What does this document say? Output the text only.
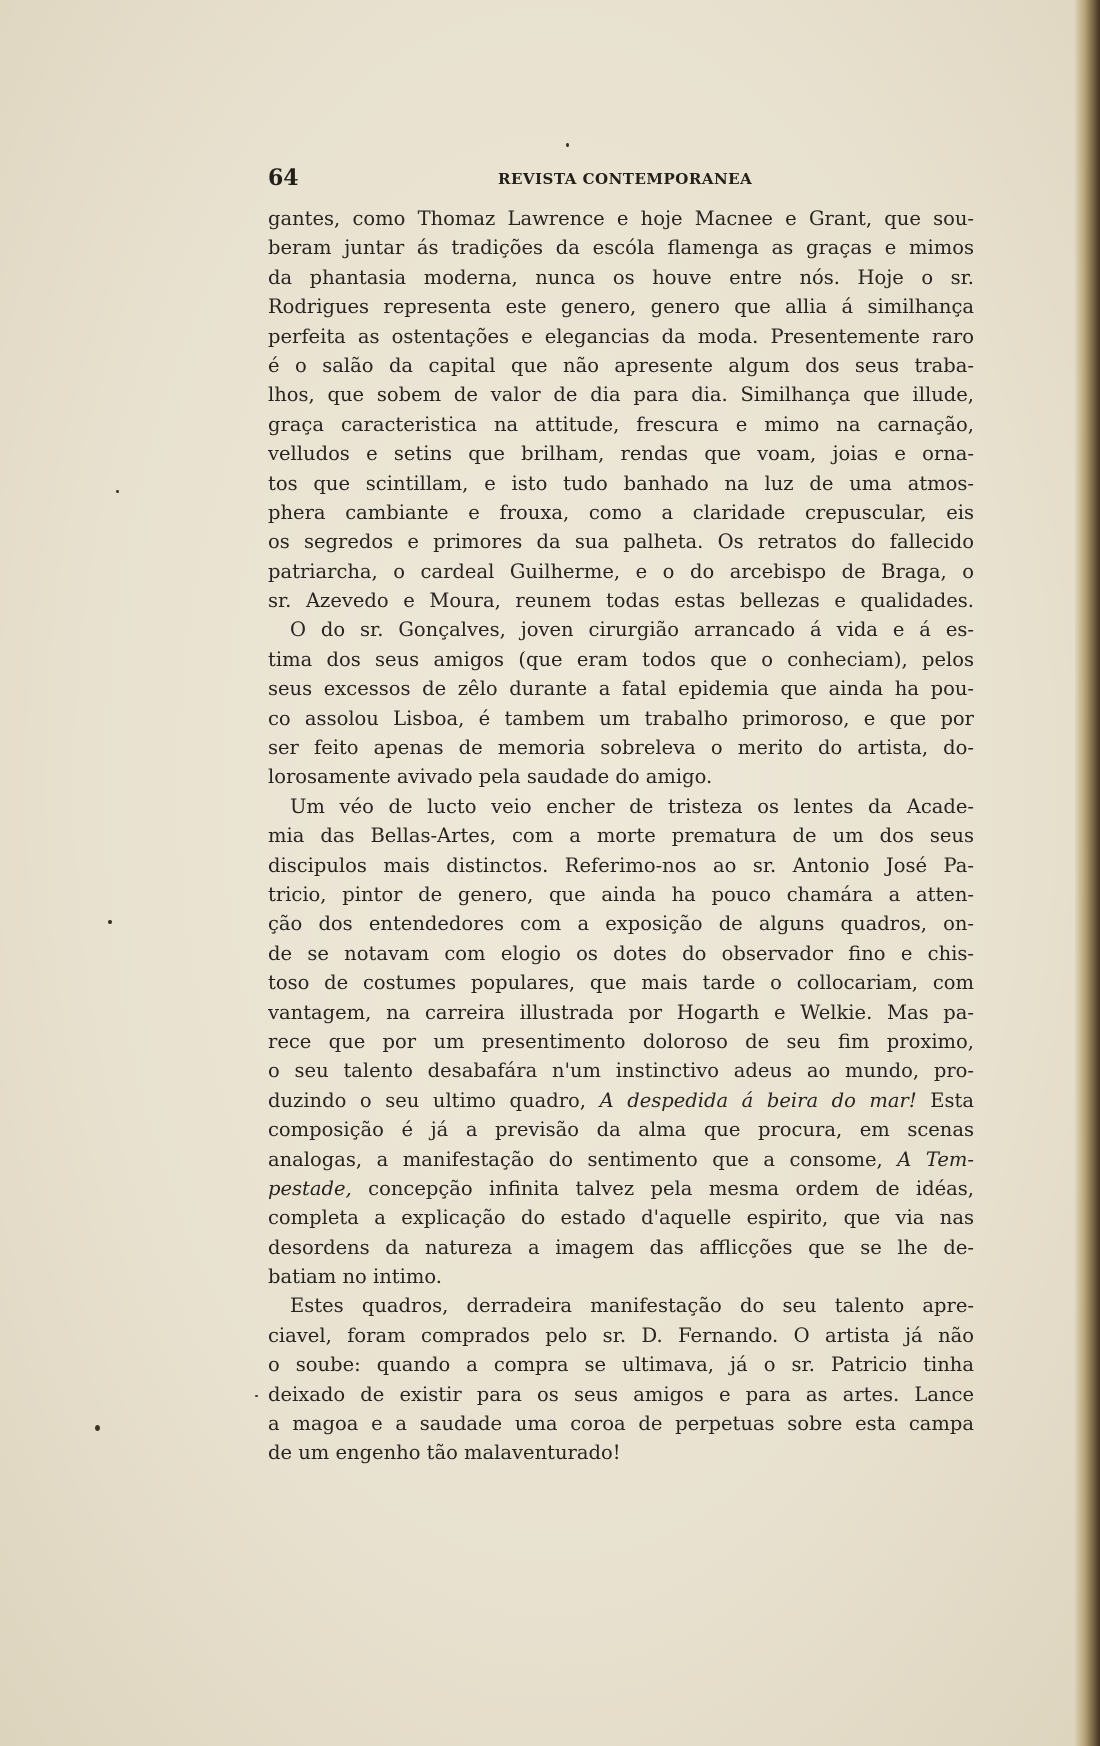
64	REVISTA CONTEMPORANEA
gantes, como Thomaz Lawrence e hoje Macnee e Grant, que sou-
beram juntar ás tradições da escóla flamenga as graças e mimos
da phantasia moderna, nunca os houve entre nós. Hoje o sr.
Rodrigues representa este genero, genero que allia á similhança
perfeita as ostentações e elegancias da moda. Presentemente raro
é o salão da capital que não apresente algum dos seus traba-
lhos, que sobem de valor de dia para dia. Similhança que illude,
graça caracteristica na attitude, frescura e mimo na carnação,
velludos e setins que brilham, rendas que voam, joias e orna-
tos que scintillam, e isto tudo banhado na luz de uma atmos-
phera cambiante e frouxa, como a claridade crepuscular, eis
os segredos e primores da sua palheta. Os retratos do fallecido
patriarcha, o cardeal Guilherme, e o do arcebispo de Braga, o
sr. Azevedo e Moura, reunem todas estas bellezas e qualidades.
O do sr. Gonçalves, joven cirurgião arrancado á vida e á es-
tima dos seus amigos (que eram todos que o conheciam), pelos
seus excessos de zêlo durante a fatal epidemia que ainda ha pou-
co assolou Lisboa, é tambem um trabalho primoroso, e que por
ser feito apenas de memoria sobreleva o merito do artista, do-
lorosamente avivado pela saudade do amigo.
Um véo de lucto veio encher de tristeza os lentes da Acade-
mia das Bellas-Artes, com a morte prematura de um dos seus
discipulos mais distinctos. Referimo-nos ao sr. Antonio José Pa-
tricio, pintor de genero, que ainda ha pouco chamára a atten-
ção dos entendedores com a exposição de alguns quadros, on-
de se notavam com elogio os dotes do observador fino e chis-
toso de costumes populares, que mais tarde o collocariam, com
vantagem, na carreira illustrada por Hogarth e Welkie. Mas pa-
rece que por um presentimento doloroso de seu fim proximo,
o seu talento desabafára n'um instinctivo adeus ao mundo, pro-
duzindo o seu ultimo quadro, A despedida á beira do mar! Esta
composição é já a previsão da alma que procura, em scenas
analogas, a manifestação do sentimento que a consome, A Tem-
pestade, concepção infinita talvez pela mesma ordem de idéas,
completa a explicação do estado d'aquelle espirito, que via nas
desordens da natureza a imagem das afflicções que se lhe de-
batiam no intimo.
Estes quadros, derradeira manifestação do seu talento apre-
ciavel, foram comprados pelo sr. D. Fernando. O artista já não
o soube: quando a compra se ultimava, já o sr. Patricio tinha
deixado de existir para os seus amigos e para as artes. Lance
a magoa e a saudade uma coroa de perpetuas sobre esta campa
de um engenho tão malaventurado!
